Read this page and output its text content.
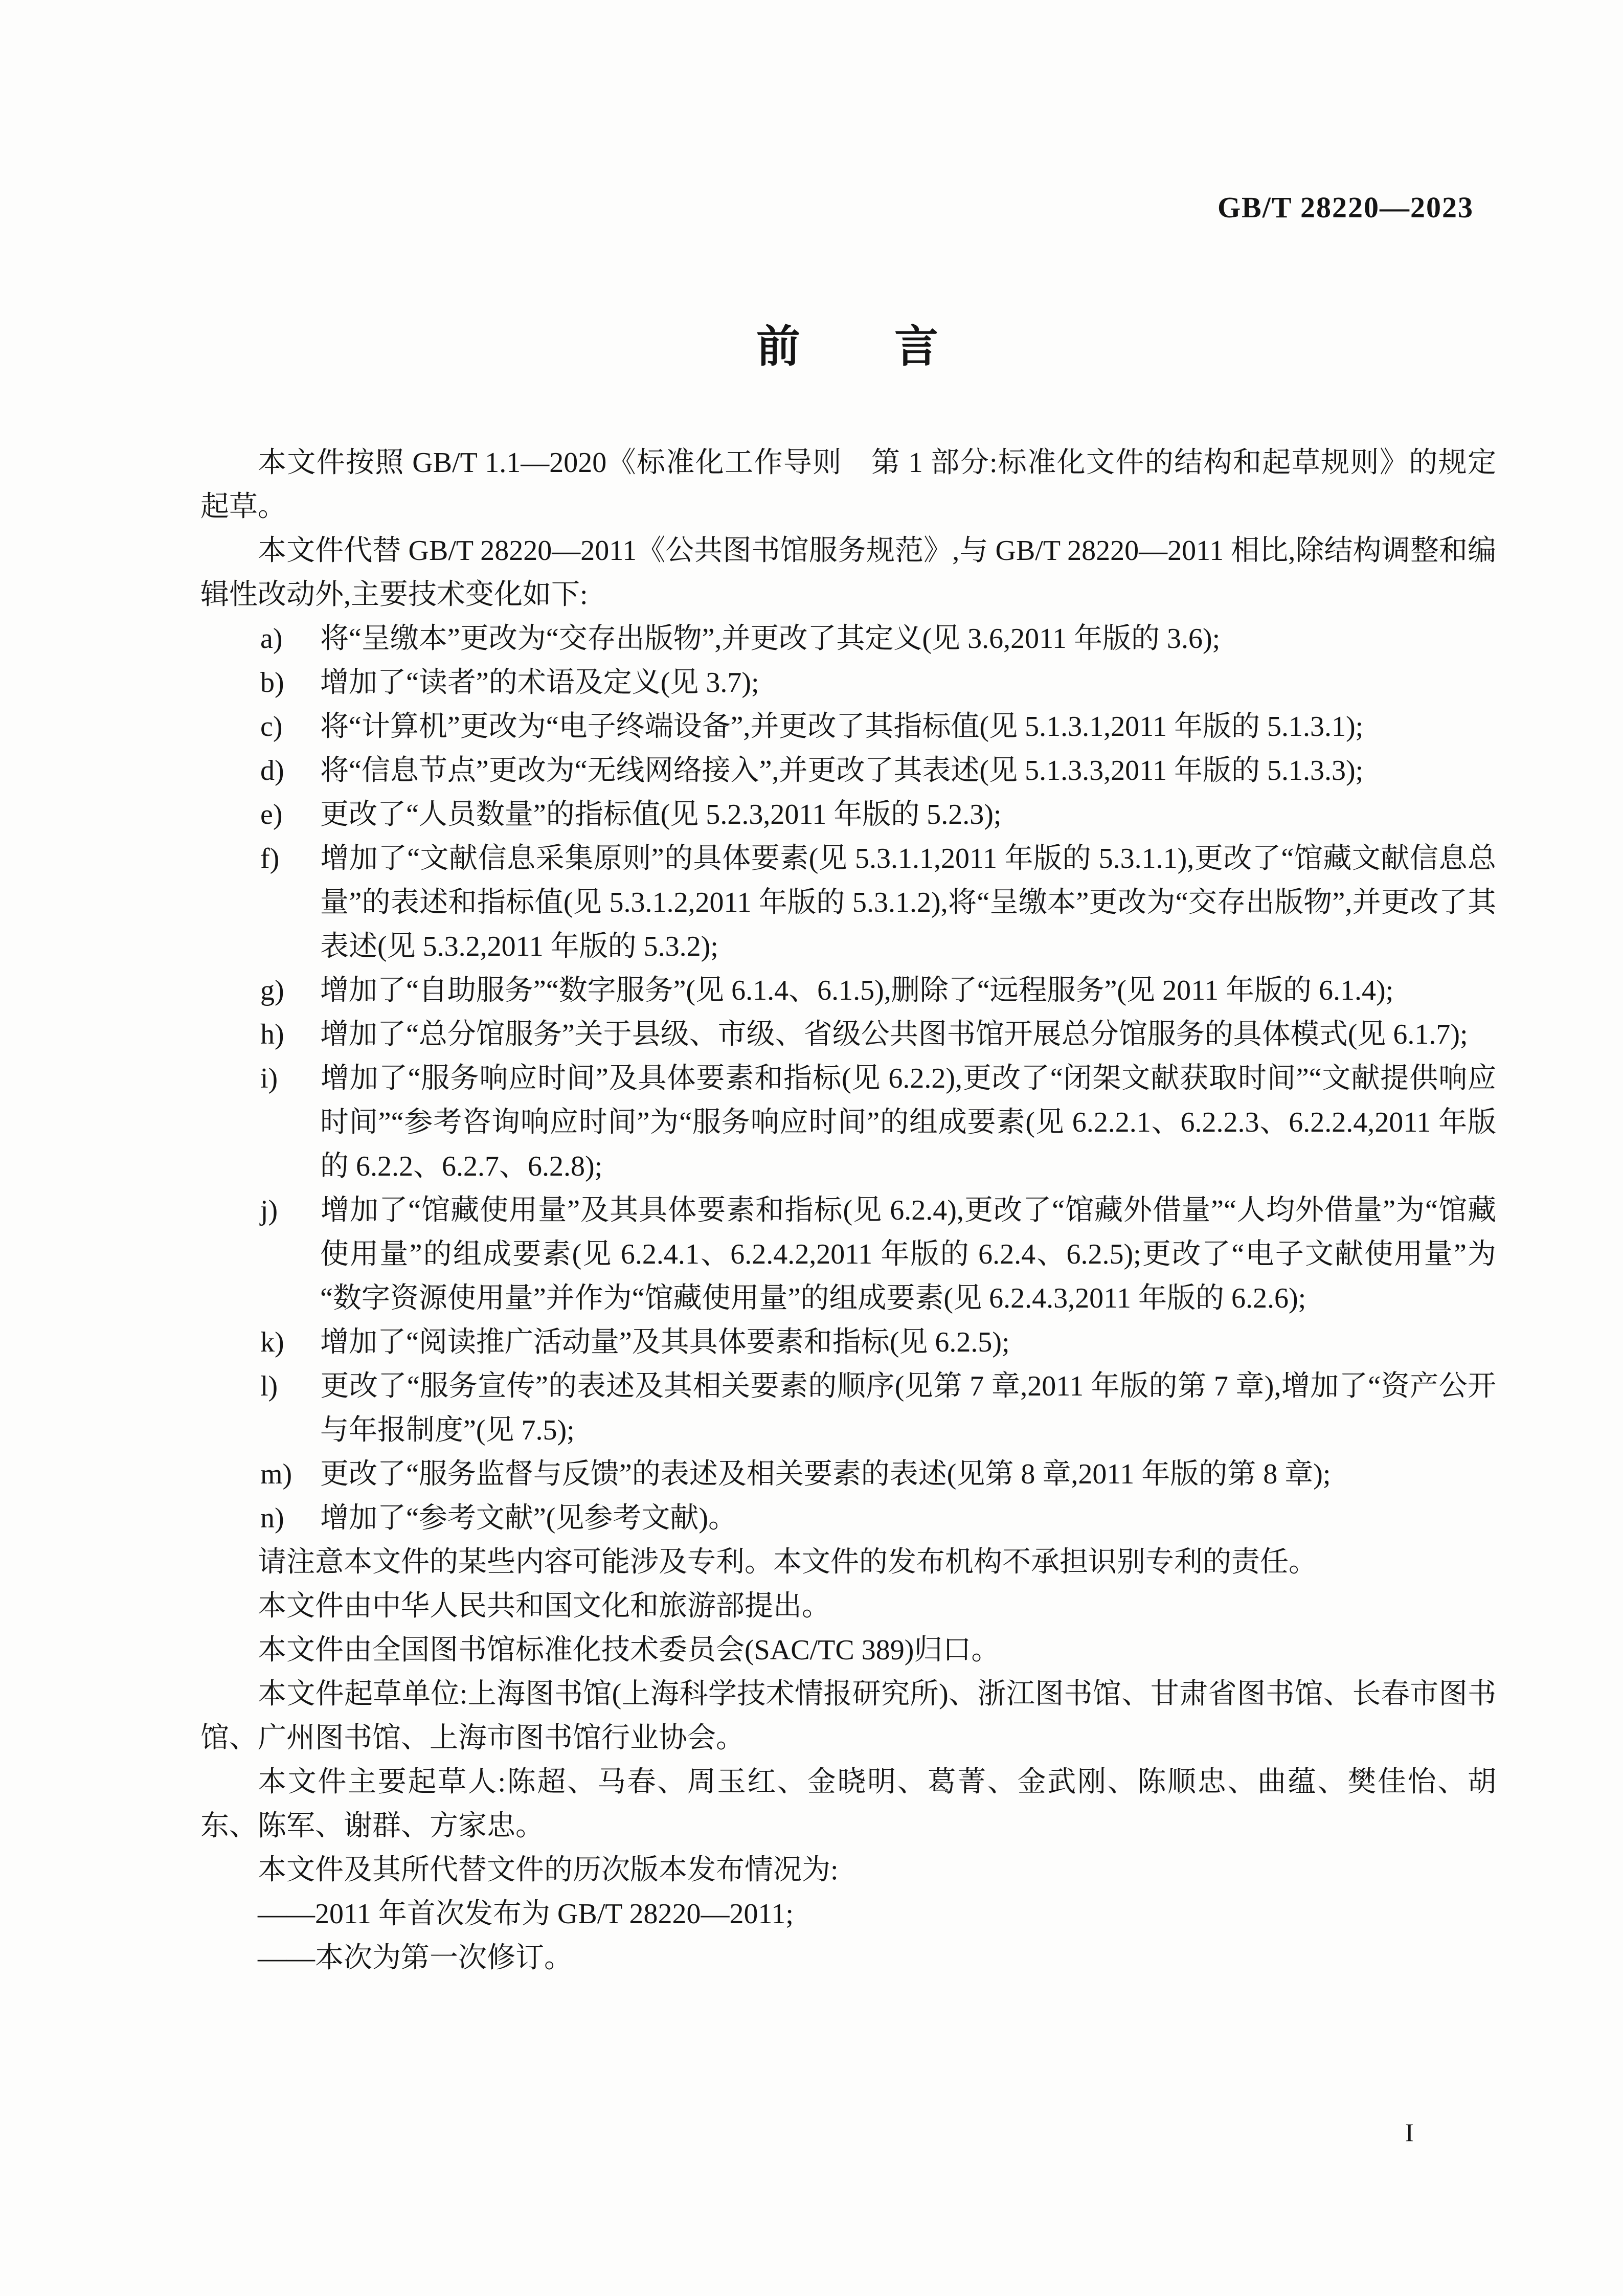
GB/T 28220—2023
前　　言

本文件按照 GB/T 1.1—2020《标准化工作导则　第 1 部分:标准化文件的结构和起草规则》的规定起草。

本文件代替 GB/T 28220—2011《公共图书馆服务规范》,与 GB/T 28220—2011 相比,除结构调整和编辑性改动外,主要技术变化如下:

a) 将“呈缴本”更改为“交存出版物”,并更改了其定义(见 3.6,2011 年版的 3.6);
b) 增加了“读者”的术语及定义(见 3.7);
c) 将“计算机”更改为“电子终端设备”,并更改了其指标值(见 5.1.3.1,2011 年版的 5.1.3.1);
d) 将“信息节点”更改为“无线网络接入”,并更改了其表述(见 5.1.3.3,2011 年版的 5.1.3.3);
e) 更改了“人员数量”的指标值(见 5.2.3,2011 年版的 5.2.3);
f) 增加了“文献信息采集原则”的具体要素(见 5.3.1.1,2011 年版的 5.3.1.1),更改了“馆藏文献信息总量”的表述和指标值(见 5.3.1.2,2011 年版的 5.3.1.2),将“呈缴本”更改为“交存出版物”,并更改了其表述(见 5.3.2,2011 年版的 5.3.2);
g) 增加了“自助服务”“数字服务”(见 6.1.4、6.1.5),删除了“远程服务”(见 2011 年版的 6.1.4);
h) 增加了“总分馆服务”关于县级、市级、省级公共图书馆开展总分馆服务的具体模式(见 6.1.7);
i) 增加了“服务响应时间”及具体要素和指标(见 6.2.2),更改了“闭架文献获取时间”“文献提供响应时间”“参考咨询响应时间”为“服务响应时间”的组成要素(见 6.2.2.1、6.2.2.3、6.2.2.4,2011 年版的 6.2.2、6.2.7、6.2.8);
j) 增加了“馆藏使用量”及其具体要素和指标(见 6.2.4),更改了“馆藏外借量”“人均外借量”为“馆藏使用量”的组成要素(见 6.2.4.1、6.2.4.2,2011 年版的 6.2.4、6.2.5);更改了“电子文献使用量”为“数字资源使用量”并作为“馆藏使用量”的组成要素(见 6.2.4.3,2011 年版的 6.2.6);
k) 增加了“阅读推广活动量”及其具体要素和指标(见 6.2.5);
l) 更改了“服务宣传”的表述及其相关要素的顺序(见第 7 章,2011 年版的第 7 章),增加了“资产公开与年报制度”(见 7.5);
m) 更改了“服务监督与反馈”的表述及相关要素的表述(见第 8 章,2011 年版的第 8 章);
n) 增加了“参考文献”(见参考文献)。

请注意本文件的某些内容可能涉及专利。本文件的发布机构不承担识别专利的责任。

本文件由中华人民共和国文化和旅游部提出。

本文件由全国图书馆标准化技术委员会(SAC/TC 389)归口。

本文件起草单位:上海图书馆(上海科学技术情报研究所)、浙江图书馆、甘肃省图书馆、长春市图书馆、广州图书馆、上海市图书馆行业协会。

本文件主要起草人:陈超、马春、周玉红、金晓明、葛菁、金武刚、陈顺忠、曲蕴、樊佳怡、胡东、陈军、谢群、方家忠。

本文件及其所代替文件的历次版本发布情况为:

——2011 年首次发布为 GB/T 28220—2011;

——本次为第一次修订。

I
